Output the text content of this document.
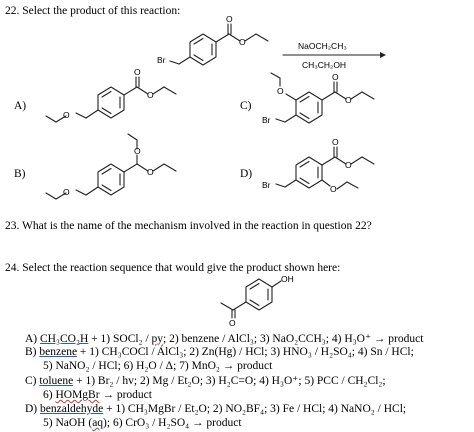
22. Select the product of this reaction:
Br
O
O	NaOCH₂CH₃
CH₃CH₂OH
O
O
O
O
O
O
Br
O
O
O
O
O
O
Br
A)	C)
B)	D)
23. What is the name of the mechanism involved in the reaction in question 22?
24. Select the reaction sequence that would give the product shown here:
OH
O
A) CH₃CO₂H + 1) SOCl₂ / py; 2) benzene / AlCl₃; 3) NaO₂CCH₃; 4) H₃O⁺ → product
B) benzene + 1) CH₃COCl / AlCl₃; 2) Zn(Hg) / HCl; 3) HNO₃ / H₂SO₄; 4) Sn / HCl;
5) NaNO₂ / HCl; 6) H₂O / Δ; 7) MnO₂ → product
C) toluene + 1) Br₂ / hv; 2) Mg / Et₂O; 3) H₂C=O; 4) H₃O⁺; 5) PCC / CH₂Cl₂;
6) HOMgBr → product
D) benzaldehyde + 1) CH₃MgBr / Et₂O; 2) NO₂BF₄; 3) Fe / HCl; 4) NaNO₂ / HCl;
5) NaOH (aq); 6) CrO₃ / H₂SO₄ → product
